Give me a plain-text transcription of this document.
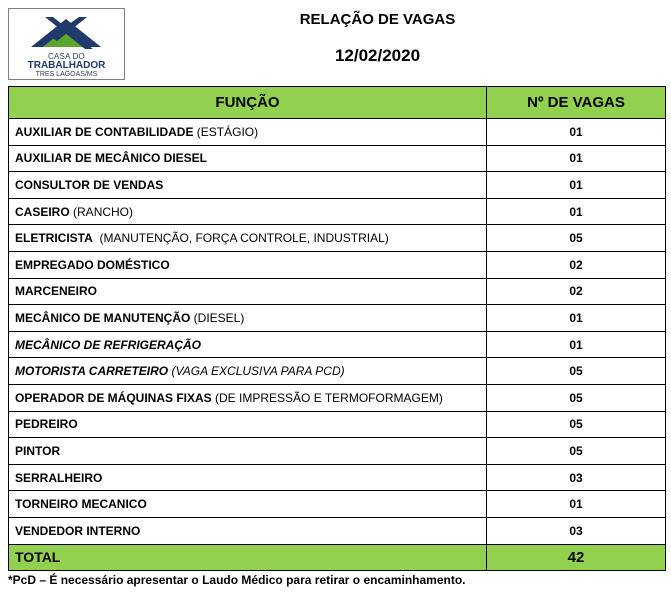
CASA DO
TRABALHADOR
TRES LAGOAS/MS
RELAÇÃO DE VAGAS
12/02/2020
FUNÇÃO	Nº DE VAGAS
AUXILIAR DE CONTABILIDADE (ESTÁGIO)	01
AUXILIAR DE MECÂNICO DIESEL	01
CONSULTOR DE VENDAS	01
CASEIRO (RANCHO)	01
ELETRICISTA  (MANUTENÇÃO, FORÇA CONTROLE, INDUSTRIAL)	05
EMPREGADO DOMÉSTICO	02
MARCENEIRO	02
MECÂNICO DE MANUTENÇÃO (DIESEL)	01
MECÂNICO DE REFRIGERAÇÃO	01
MOTORISTA CARRETEIRO (VAGA EXCLUSIVA PARA PCD)	05
OPERADOR DE MÁQUINAS FIXAS (DE IMPRESSÃO E TERMOFORMAGEM)	05
PEDREIRO	05
PINTOR	05
SERRALHEIRO	03
TORNEIRO MECANICO	01
VENDEDOR INTERNO	03
TOTAL	42
*PcD – É necessário apresentar o Laudo Médico para retirar o encaminhamento.
